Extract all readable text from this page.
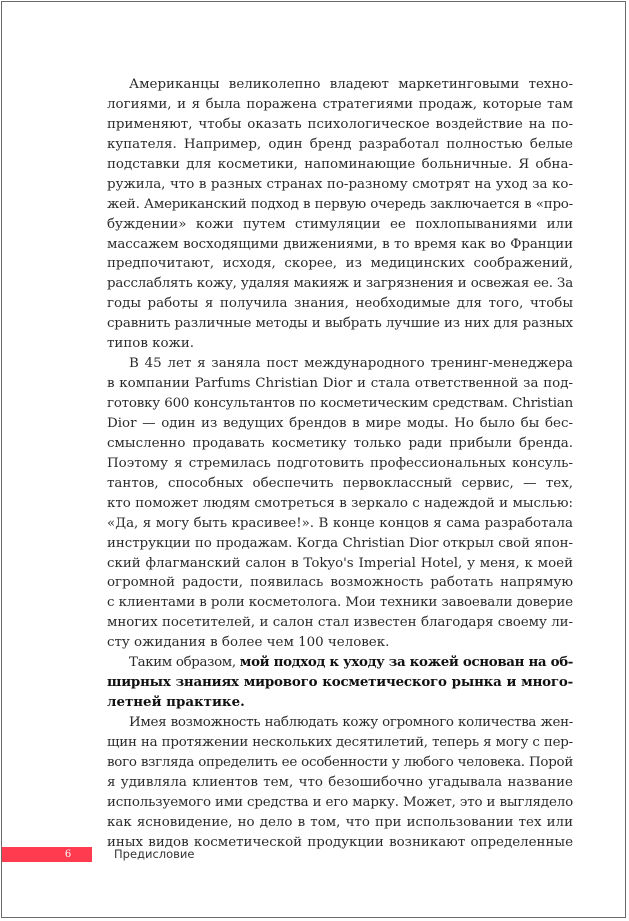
Американцы великолепно владеют маркетинговыми техно-
логиями, и я была поражена стратегиями продаж, которые там
применяют, чтобы оказать психологическое воздействие на по-
купателя. Например, один бренд разработал полностью белые
подставки для косметики, напоминающие больничные. Я обна-
ружила, что в разных странах по-разному смотрят на уход за ко-
жей. Американский подход в первую очередь заключается в «про-
буждении» кожи путем стимуляции ее похлопываниями или
массажем восходящими движениями, в то время как во Франции
предпочитают, исходя, скорее, из медицинских соображений,
расслаблять кожу, удаляя макияж и загрязнения и освежая ее. За
годы работы я получила знания, необходимые для того, чтобы
сравнить различные методы и выбрать лучшие из них для разных
типов кожи.
В 45 лет я заняла пост международного тренинг-менеджера
в компании Parfums Christian Dior и стала ответственной за под-
готовку 600 консультантов по косметическим средствам. Christian
Dior — один из ведущих брендов в мире моды. Но было бы бес-
смысленно продавать косметику только ради прибыли бренда.
Поэтому я стремилась подготовить профессиональных консуль-
тантов, способных обеспечить первоклассный сервис, — тех,
кто поможет людям смотреться в зеркало с надеждой и мыслью:
«Да, я могу быть красивее!». В конце концов я сама разработала
инструкции по продажам. Когда Christian Dior открыл свой япон-
ский флагманский салон в Tokyo's Imperial Hotel, у меня, к моей
огромной радости, появилась возможность работать напрямую
с клиентами в роли косметолога. Мои техники завоевали доверие
многих посетителей, и салон стал известен благодаря своему ли-
сту ожидания в более чем 100 человек.
Таким образом, мой подход к уходу за кожей основан на об-
ширных знаниях мирового косметического рынка и много-
летней практике.
Имея возможность наблюдать кожу огромного количества жен-
щин на протяжении нескольких десятилетий, теперь я могу с пер-
вого взгляда определить ее особенности у любого человека. Порой
я удивляла клиентов тем, что безошибочно угадывала название
используемого ими средства и его марку. Может, это и выглядело
как ясновидение, но дело в том, что при использовании тех или
иных видов косметической продукции возникают определенные
6	Предисловие
